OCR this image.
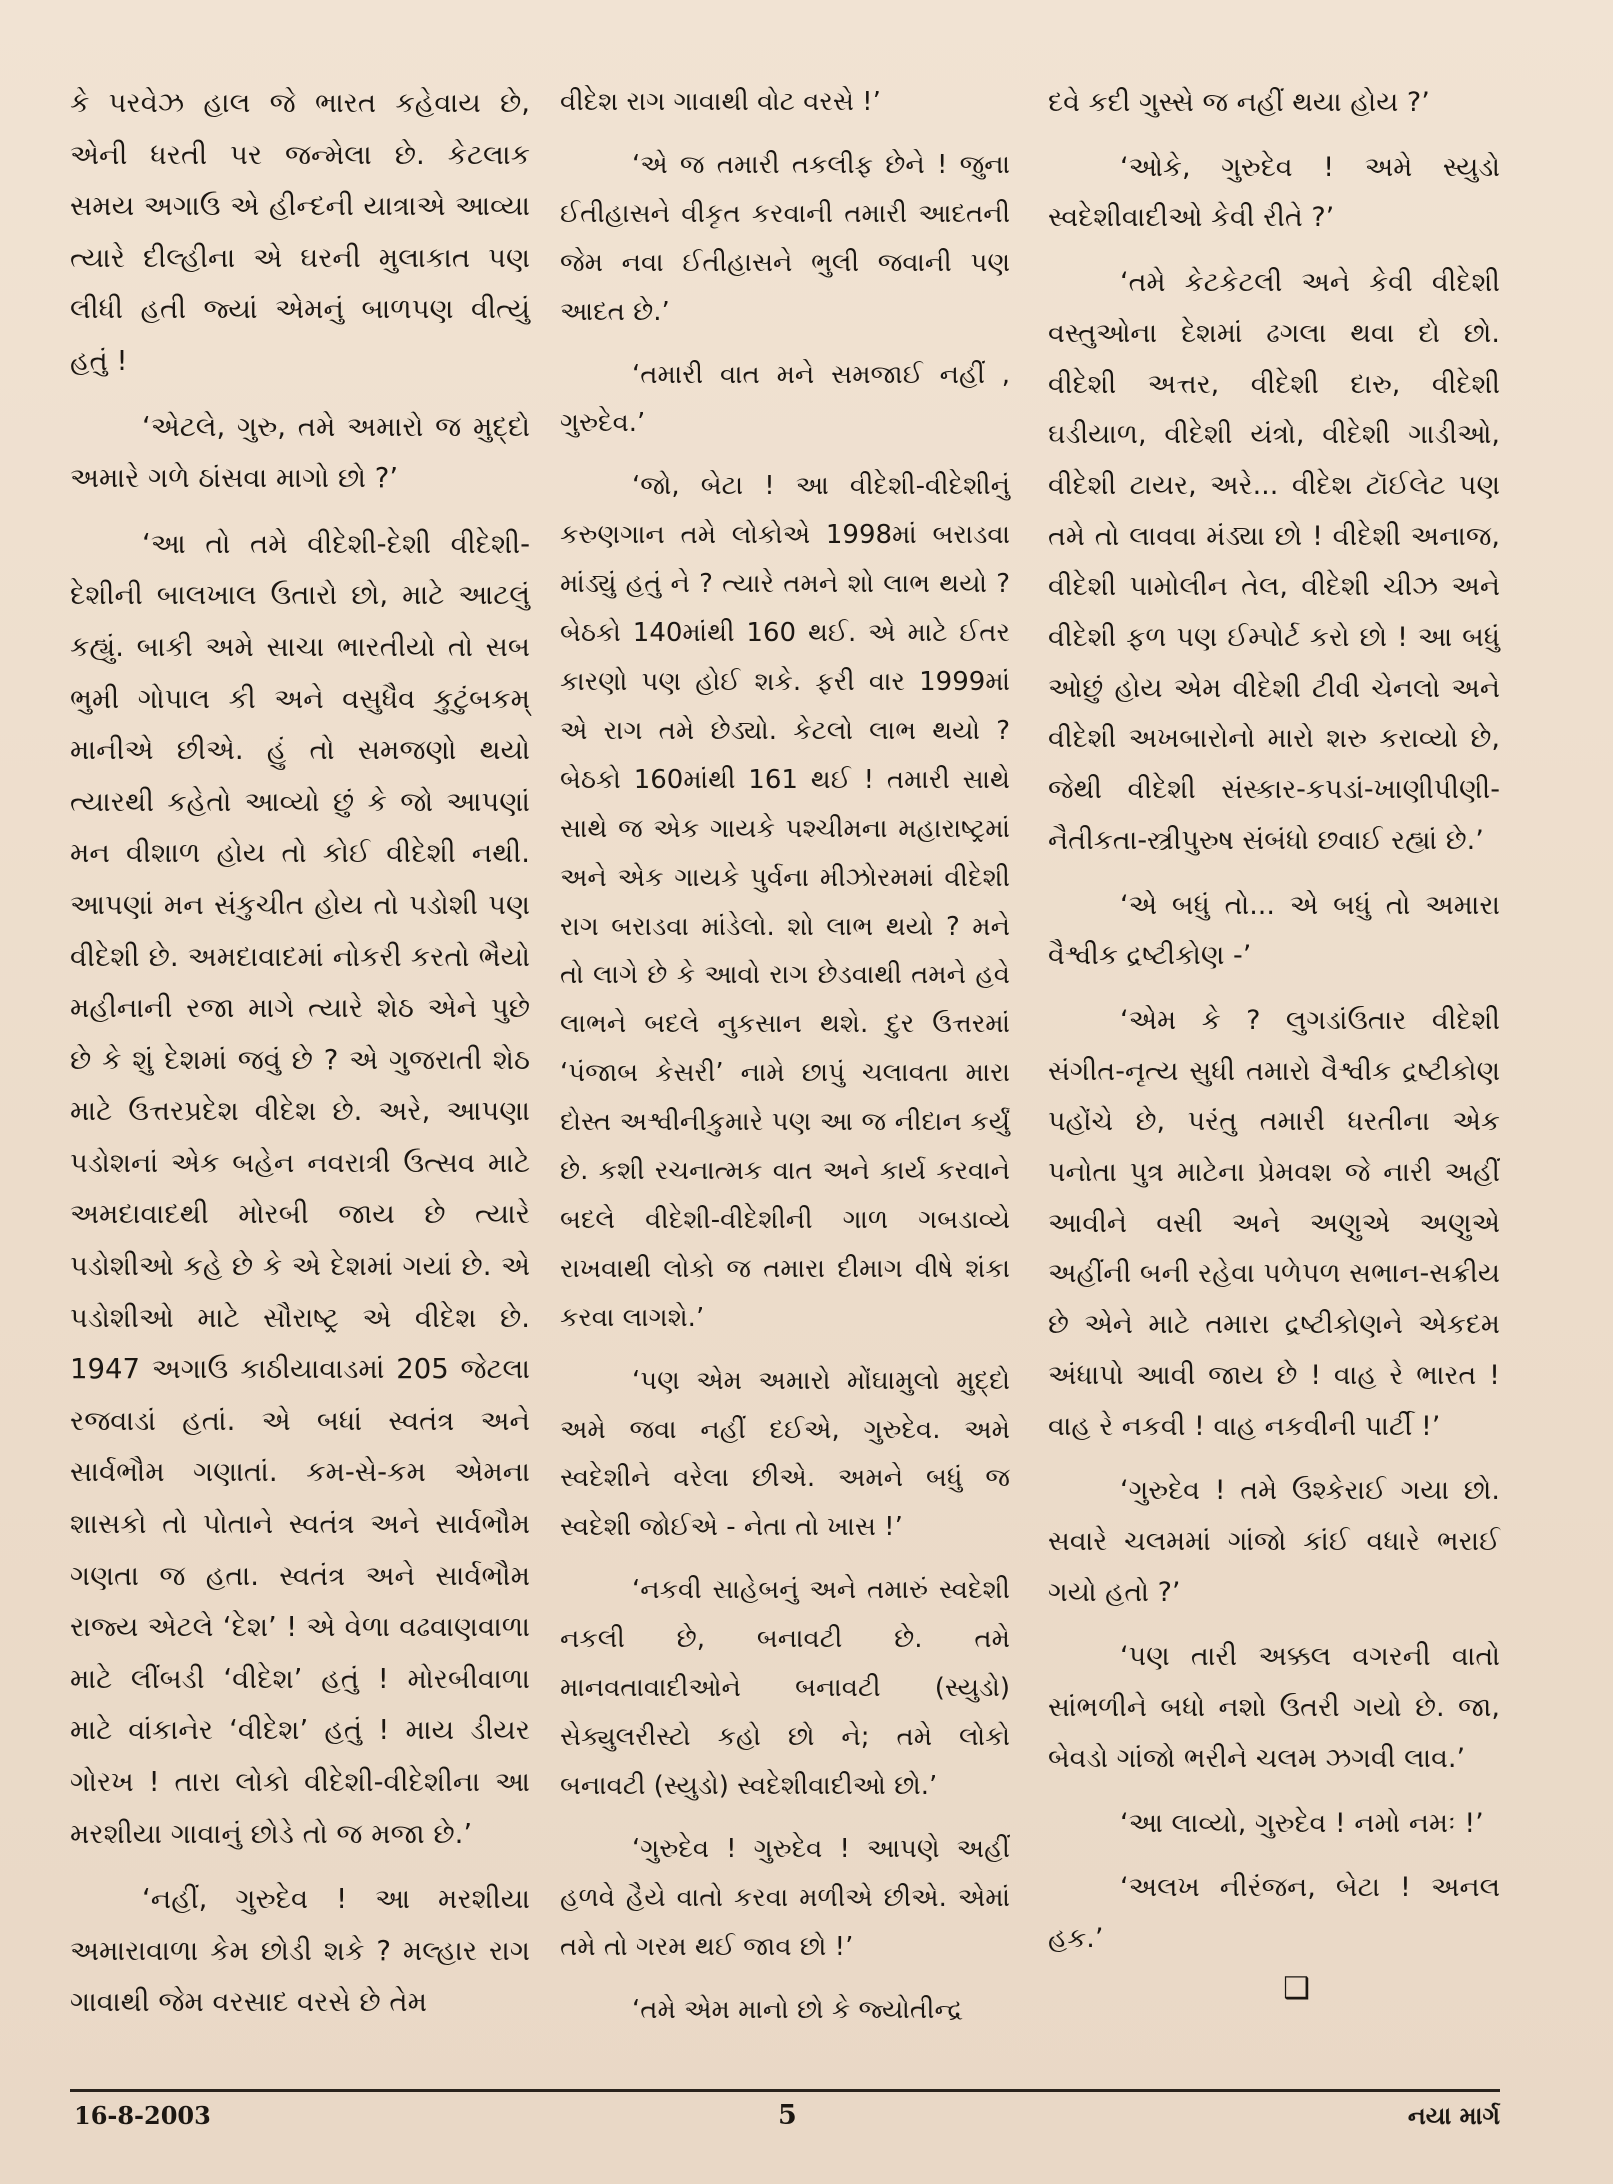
કે પરવેઝ હાલ જે ભારત કહેવાય છે, એની ધરતી પર જન્મેલા છે. કેટલાક સમય અગાઉ એ હીન્દની યાત્રાએ આવ્યા ત્યારે દીલ્હીના એ ઘરની મુલાકાત પણ લીધી હતી જ્યાં એમનું બાળપણ વીત્યું હતું !

‘એટલે, ગુરુ, તમે અમારો જ મુદ્દો અમારે ગળે ઠાંસવા માગો છો ?’

‘આ તો તમે વીદેશી-દેશી વીદેશી-દેશીની બાલખાલ ઉતારો છો, માટે આટલું કહ્યું. બાકી અમે સાચા ભારતીયો તો સબ ભુમી ગોપાલ કી અને વસુધૈવ કુટુંબકમ્ માનીએ છીએ. હું તો સમજણો થયો ત્યારથી કહેતો આવ્યો છું કે જો આપણાં મન વીશાળ હોય તો કોઈ વીદેશી નથી. આપણાં મન સંકુચીત હોય તો પડોશી પણ વીદેશી છે. અમદાવાદમાં નોકરી કરતો ભૈયો મહીનાની રજા માગે ત્યારે શેઠ એને પુછે છે કે શું દેશમાં જવું છે ? એ ગુજરાતી શેઠ માટે ઉત્તરપ્રદેશ વીદેશ છે. અરે, આપણા પડોશનાં એક બહેન નવરાત્રી ઉત્સવ માટે અમદાવાદથી મોરબી જાય છે ત્યારે પડોશીઓ કહે છે કે એ દેશમાં ગયાં છે. એ પડોશીઓ માટે સૌરાષ્ટ્ર એ વીદેશ છે. 1947 અગાઉ કાઠીયાવાડમાં 205 જેટલા રજવાડાં હતાં. એ બધાં સ્વતંત્ર અને સાર્વભૌમ ગણાતાં. કમ-સે-કમ એમના શાસકો તો પોતાને સ્વતંત્ર અને સાર્વભૌમ ગણતા જ હતા. સ્વતંત્ર અને સાર્વભૌમ રાજ્ય એટલે ‘દેશ’ ! એ વેળા વઢવાણવાળા માટે લીંબડી ‘વીદેશ’ હતું ! મોરબીવાળા માટે વાંકાનેર ‘વીદેશ’ હતું ! માય ડીયર ગોરખ ! તારા લોકો વીદેશી-વીદેશીના આ મરશીયા ગાવાનું છોડે તો જ મજા છે.’

‘નહીં, ગુરુદેવ ! આ મરશીયા અમારાવાળા કેમ છોડી શકે ? મલ્હાર રાગ ગાવાથી જેમ વરસાદ વરસે છે તેમ

વીદેશ રાગ ગાવાથી વોટ વરસે !’

‘એ જ તમારી તકલીફ છેને ! જુના ઈતીહાસને વીકૃત કરવાની તમારી આદતની જેમ નવા ઈતીહાસને ભુલી જવાની પણ આદત છે.’

‘તમારી વાત મને સમજાઈ નહીં , ગુરુદેવ.’

‘જો, બેટા ! આ વીદેશી-વીદેશીનું કરુણગાન તમે લોકોએ 1998માં બરાડવા માંડ્યું હતું ને ? ત્યારે તમને શો લાભ થયો ? બેઠકો 140માંથી 160 થઈ. એ માટે ઈતર કારણો પણ હોઈ શકે. ફરી વાર 1999માં એ રાગ તમે છેડ્યો. કેટલો લાભ થયો ? બેઠકો 160માંથી 161 થઈ ! તમારી સાથે સાથે જ એક ગાયકે પશ્ચીમના મહારાષ્ટ્રમાં અને એક ગાયકે પુર્વના મીઝોરમમાં વીદેશી રાગ બરાડવા માંડેલો. શો લાભ થયો ? મને તો લાગે છે કે આવો રાગ છેડવાથી તમને હવે લાભને બદલે નુકસાન થશે. દુર ઉત્તરમાં ‘પંજાબ કેસરી’ નામે છાપું ચલાવતા મારા દોસ્ત અશ્વીનીકુમારે પણ આ જ નીદાન કર્યું છે. કશી રચનાત્મક વાત અને કાર્ય કરવાને બદલે વીદેશી-વીદેશીની ગાળ ગબડાવ્યે રાખવાથી લોકો જ તમારા દીમાગ વીષે શંકા કરવા લાગશે.’

‘પણ એમ અમારો મોંઘામુલો મુદ્દો અમે જવા નહીં દઈએ, ગુરુદેવ. અમે સ્વદેશીને વરેલા છીએ. અમને બધું જ સ્વદેશી જોઈએ - નેતા તો ખાસ !’

‘નકવી સાહેબનું અને તમારું સ્વદેશી નકલી છે, બનાવટી છે. તમે માનવતાવાદીઓને બનાવટી (સ્યુડો) સેક્યુલરીસ્ટો કહો છો ને; તમે લોકો બનાવટી (સ્યુડો) સ્વદેશીવાદીઓ છો.’

‘ગુરુદેવ ! ગુરુદેવ ! આપણે અહીં હળવે હૈયે વાતો કરવા મળીએ છીએ. એમાં તમે તો ગરમ થઈ જાવ છો !’

‘તમે એમ માનો છો કે જ્યોતીન્દ્ર

દવે કદી ગુસ્સે જ નહીં થયા હોય ?’

‘ઓકે, ગુરુદેવ ! અમે સ્યુડો સ્વદેશીવાદીઓ કેવી રીતે ?’

‘તમે કેટકેટલી અને કેવી વીદેશી વસ્તુઓના દેશમાં ઢગલા થવા દો છો. વીદેશી અત્તર, વીદેશી દારુ, વીદેશી ઘડીયાળ, વીદેશી યંત્રો, વીદેશી ગાડીઓ, વીદેશી ટાયર, અરે... વીદેશ ટૉઈલેટ પણ તમે તો લાવવા મંડ્યા છો ! વીદેશી અનાજ, વીદેશી પામોલીન તેલ, વીદેશી ચીઝ અને વીદેશી ફળ પણ ઈમ્પોર્ટ કરો છો ! આ બધું ઓછું હોય એમ વીદેશી ટીવી ચેનલો અને વીદેશી અખબારોનો મારો શરુ કરાવ્યો છે, જેથી વીદેશી સંસ્કાર-કપડાં-ખાણીપીણી- નૈતીકતા-સ્ત્રીપુરુષ સંબંધો છવાઈ રહ્યાં છે.’

‘એ બધું તો... એ બધું તો અમારા વૈશ્વીક દ્રષ્ટીકોણ -’

‘એમ કે ? લુગડાંઉતાર વીદેશી સંગીત-નૃત્ય સુધી તમારો વૈશ્વીક દ્રષ્ટીકોણ પહોંચે છે, પરંતુ તમારી ધરતીના એક પનોતા પુત્ર માટેના પ્રેમવશ જે નારી અહીં આવીને વસી અને અણુએ અણુએ અહીંની બની રહેવા પળેપળ સભાન-સક્રીય છે એને માટે તમારા દ્રષ્ટીકોણને એકદમ અંધાપો આવી જાય છે ! વાહ રે ભારત ! વાહ રે નકવી ! વાહ નકવીની પાર્ટી !’

‘ગુરુદેવ ! તમે ઉશ્કેરાઈ ગયા છો. સવારે ચલમમાં ગાંજો કાંઈ વધારે ભરાઈ ગયો હતો ?’

‘પણ તારી અક્કલ વગરની વાતો સાંભળીને બધો નશો ઉતરી ગયો છે. જા, બેવડો ગાંજો ભરીને ચલમ ઝગવી લાવ.’

‘આ લાવ્યો, ગુરુદેવ ! નમો નમઃ !’

‘અલખ નીરંજન, બેટા ! અનલ હક.’

❑
16-8-2003	5	નયા માર્ગ
